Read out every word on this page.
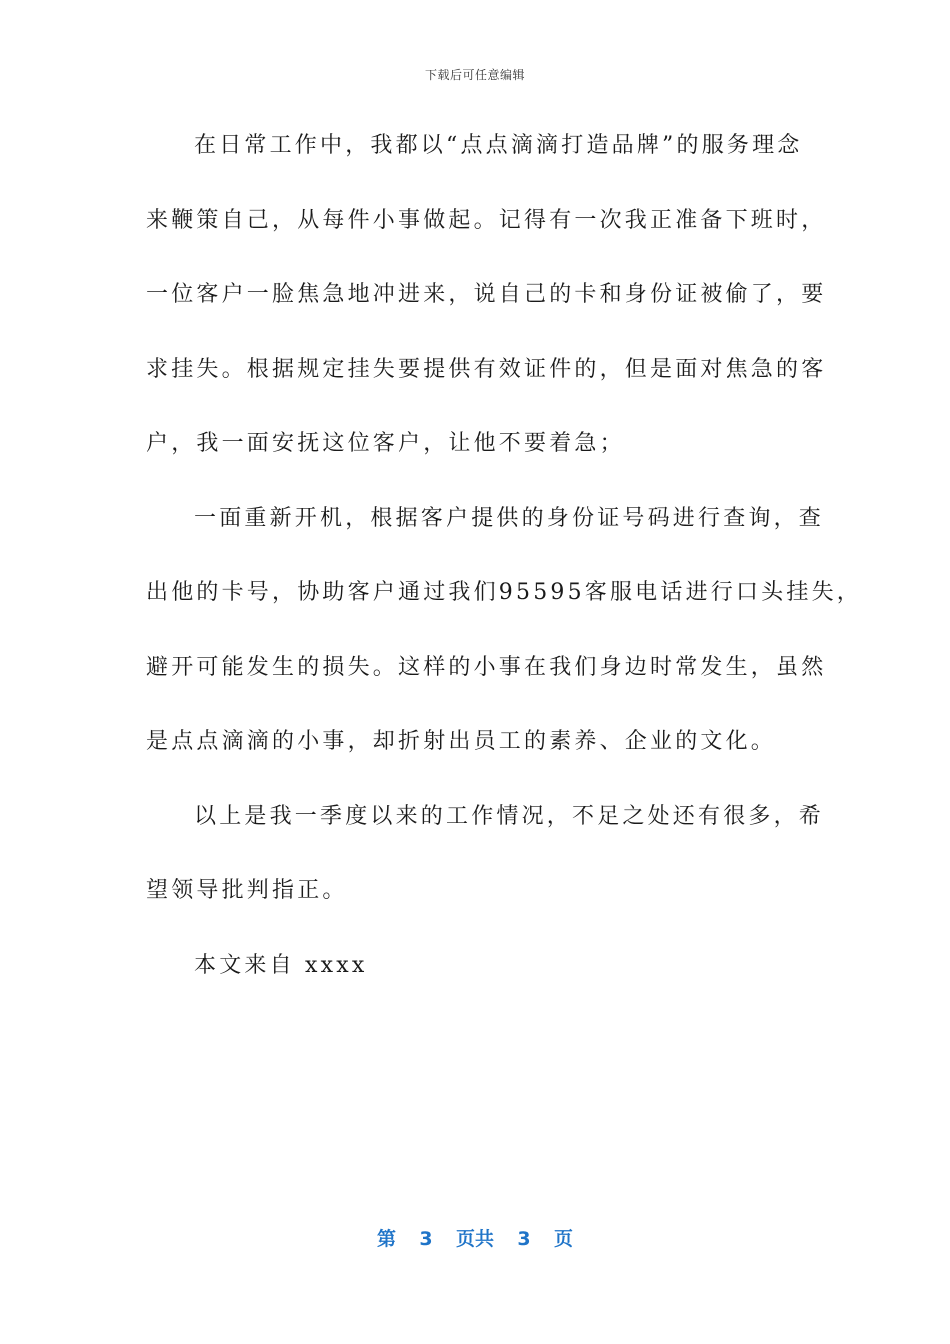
下载后可任意编辑
在日常工作中，我都以“点点滴滴打造品牌”的服务理念
来鞭策自己，从每件小事做起。记得有一次我正准备下班时，
一位客户一脸焦急地冲进来，说自己的卡和身份证被偷了，要
求挂失。根据规定挂失要提供有效证件的，但是面对焦急的客
户，我一面安抚这位客户，让他不要着急；
一面重新开机，根据客户提供的身份证号码进行查询，查
出他的卡号，协助客户通过我们95595客服电话进行口头挂失，
避开可能发生的损失。这样的小事在我们身边时常发生，虽然
是点点滴滴的小事，却折射出员工的素养、企业的文化。
以上是我一季度以来的工作情况，不足之处还有很多，希
望领导批判指正。
本文来自 xxxx
第 3 页共 3 页
